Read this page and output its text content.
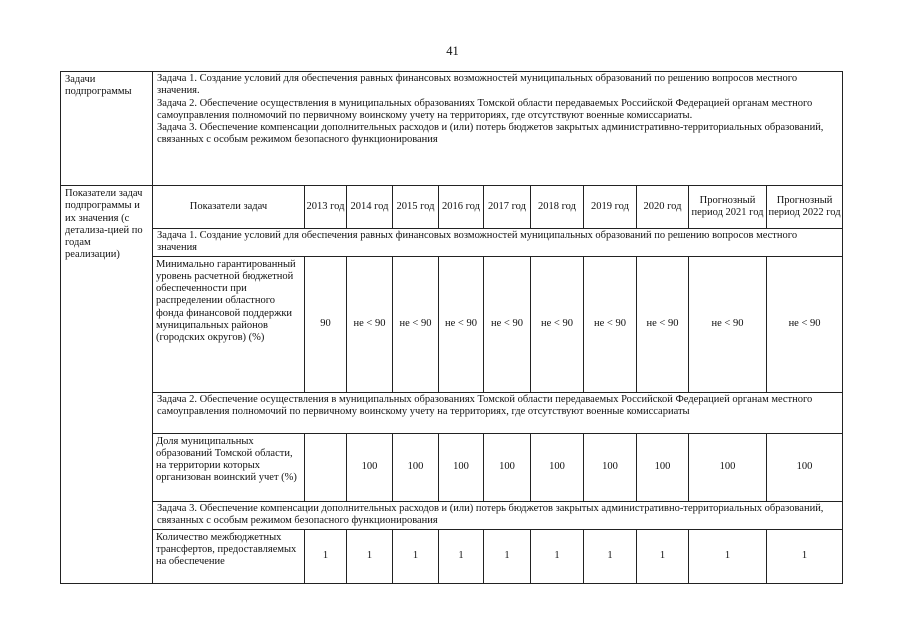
41
Задачи подпрограммы	Задача 1. Создание условий для обеспечения равных финансовых возможностей муниципальных образований по решению вопросов местного значения.
Задача 2. Обеспечение осуществления в муниципальных образованиях Томской области передаваемых Российской Федерацией органам местного самоуправления полномочий по первичному воинскому учету на территориях, где отсутствуют военные комиссариаты.
Задача 3. Обеспечение компенсации дополнительных расходов и (или) потерь бюджетов закрытых административно-территориальных образований, связанных с особым режимом безопасного функционирования										

Показатели задач подпрограммы и их значения (с детализа-цией по годам реализации)	Показатели задач	2013 год	2014 год	2015 год	2016 год	2017 год	2018 год	2019 год	2020 год	Прогнозный период 2021 год	Прогнозный период 2022 год
	Задача 1. Создание условий для обеспечения равных финансовых возможностей муниципальных образований по решению вопросов местного значения										
	Минимально гарантированный уровень расчетной бюджетной обеспеченности при распределении областного фонда финансовой поддержки муниципальных районов (городских округов) (%)	90	не < 90	не < 90	не < 90	не < 90	не < 90	не < 90	не < 90	не < 90	не < 90
	Задача 2. Обеспечение осуществления в муниципальных образованиях Томской области передаваемых Российской Федерацией органам местного самоуправления полномочий по первичному воинскому учету на территориях, где отсутствуют военные комиссариаты										
	Доля муниципальных образований Томской области, на территории которых организован воинский учет (%)		100	100	100	100	100	100	100	100	100
	Задача 3. Обеспечение компенсации дополнительных расходов и (или) потерь бюджетов закрытых административно-территориальных образований, связанных с особым режимом безопасного функционирования										
	Количество межбюджетных трансфертов, предоставляемых на обеспечение	1	1	1	1	1	1	1	1	1	1
